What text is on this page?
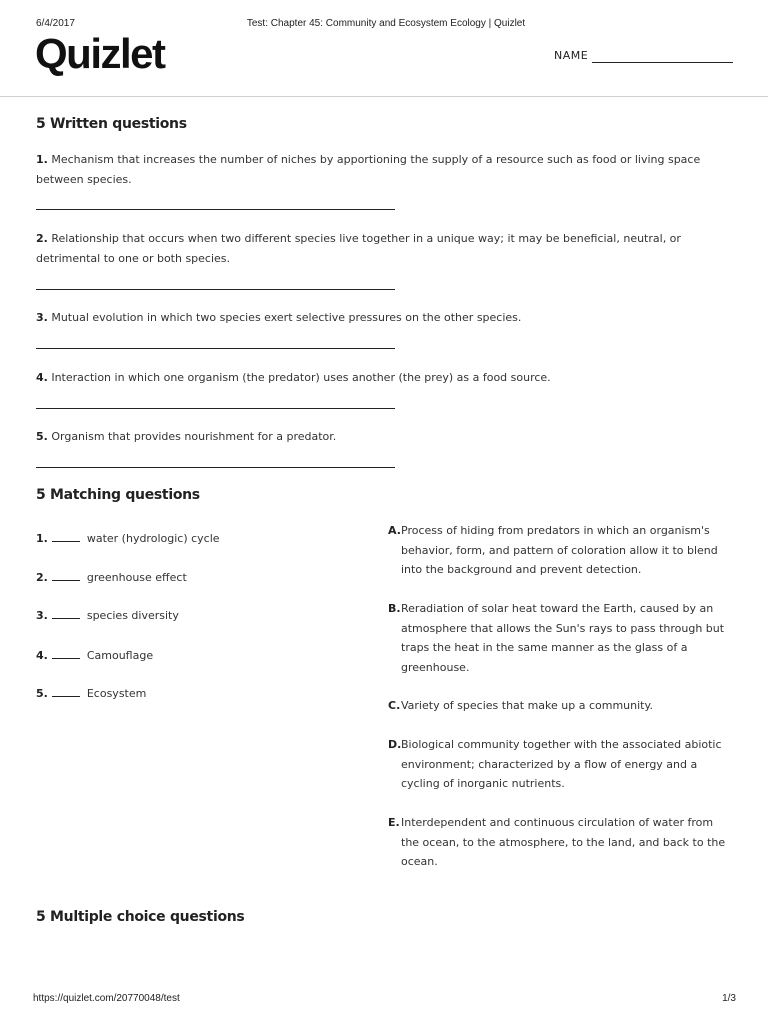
6/4/2017	Test: Chapter 45: Community and Ecosystem Ecology | Quizlet
Quizlet	NAME
5 Written questions
1. Mechanism that increases the number of niches by apportioning the supply of a resource such as food or living space between species.
2. Relationship that occurs when two different species live together in a unique way; it may be beneficial, neutral, or detrimental to one or both species.
3. Mutual evolution in which two species exert selective pressures on the other species.
4. Interaction in which one organism (the predator) uses another (the prey) as a food source.
5. Organism that provides nourishment for a predator.
5 Matching questions
1.	water (hydrologic) cycle
2.	greenhouse effect
3.	species diversity
4.	Camouflage
5.	Ecosystem
A. Process of hiding from predators in which an organism's behavior, form, and pattern of coloration allow it to blend into the background and prevent detection.
B. Reradiation of solar heat toward the Earth, caused by an atmosphere that allows the Sun's rays to pass through but traps the heat in the same manner as the glass of a greenhouse.
C. Variety of species that make up a community.
D. Biological community together with the associated abiotic environment; characterized by a flow of energy and a cycling of inorganic nutrients.
E. Interdependent and continuous circulation of water from the ocean, to the atmosphere, to the land, and back to the ocean.
5 Multiple choice questions
https://quizlet.com/20770048/test	1/3
